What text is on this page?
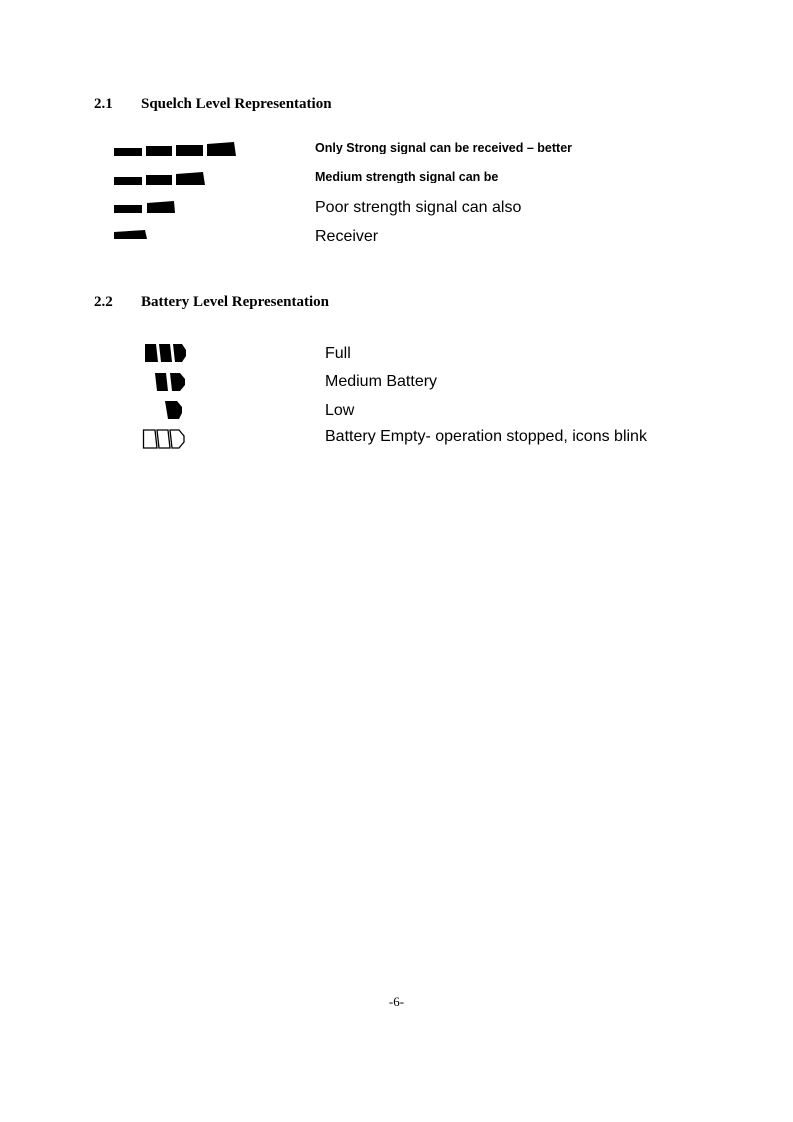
2.1 Squelch Level Representation
Only Strong signal can be received – better
Medium strength signal can be
Poor strength signal can also
Receiver
2.2 Battery Level Representation
Full
Medium Battery
Low
Battery Empty- operation stopped, icons blink
-6-
